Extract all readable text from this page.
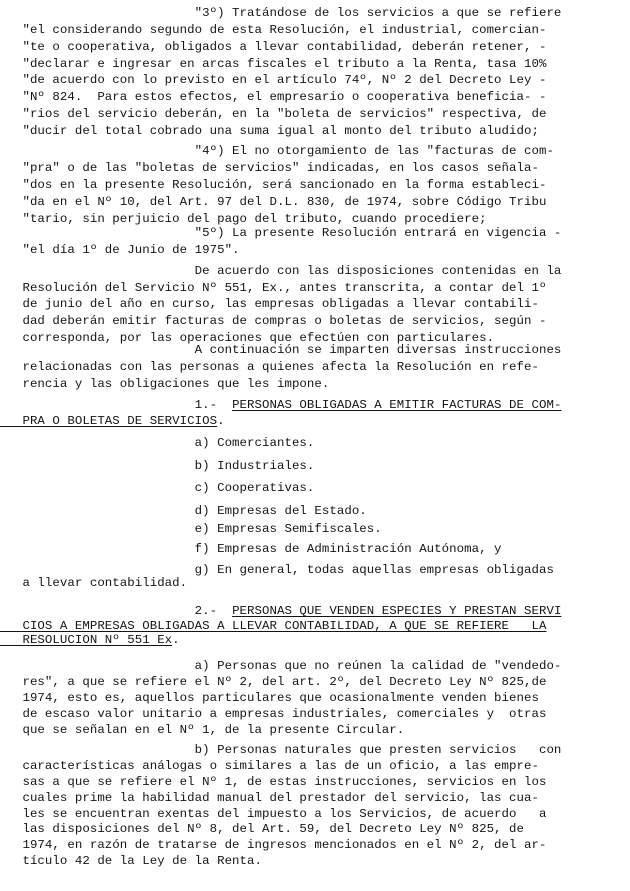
"3º) Tratándose de los servicios a que se refiere
"el considerando segundo de esta Resolución, el industrial, comercian-
"te o cooperativa, obligados a llevar contabilidad, deberán retener, -
"declarar e ingresar en arcas fiscales el tributo a la Renta, tasa 10%
"de acuerdo con lo previsto en el artículo 74º, Nº 2 del Decreto Ley -
"Nº 824.  Para estos efectos, el empresario o cooperativa beneficia- -
"rios del servicio deberán, en la "boleta de servicios" respectiva, de
"ducir del total cobrado una suma igual al monto del tributo aludido;
"4º) El no otorgamiento de las "facturas de com-
"pra" o de las "boletas de servicios" indicadas, en los casos señala-
"dos en la presente Resolución, será sancionado en la forma estableci-
"da en el Nº 10, del Art. 97 del D.L. 830, de 1974, sobre Código Tribu
"tario, sin perjuicio del pago del tributo, cuando procediere;
"5º) La presente Resolución entrará en vigencia -
"el día 1º de Junio de 1975".
De acuerdo con las disposiciones contenidas en la
Resolución del Servicio Nº 551, Ex., antes transcrita, a contar del 1º
de junio del año en curso, las empresas obligadas a llevar contabili-
dad deberán emitir facturas de compras o boletas de servicios, según -
corresponda, por las operaciones que efectúen con particulares.
A continuación se imparten diversas instrucciones
relacionadas con las personas a quienes afecta la Resolución en refe-
rencia y las obligaciones que les impone.
1.-  PERSONAS OBLIGADAS A EMITIR FACTURAS DE COM-
PRA O BOLETAS DE SERVICIOS.
a) Comerciantes.
b) Industriales.
c) Cooperativas.
d) Empresas del Estado.
e) Empresas Semifiscales.
f) Empresas de Administración Autónoma, y
g) En general, todas aquellas empresas obligadas
a llevar contabilidad.
2.-  PERSONAS QUE VENDEN ESPECIES Y PRESTAN SERVI
CIOS A EMPRESAS OBLIGADAS A LLEVAR CONTABILIDAD, A QUE SE REFIERE   LA
RESOLUCION Nº 551 Ex.
a) Personas que no reúnen la calidad de "vendedo-
res", a que se refiere el Nº 2, del art. 2º, del Decreto Ley Nº 825,de
1974, esto es, aquellos particulares que ocasionalmente venden bienes
de escaso valor unitario a empresas industriales, comerciales y  otras
que se señalan en el Nº 1, de la presente Circular.
b) Personas naturales que presten servicios   con
características análogas o similares a las de un oficio, a las empre-
sas a que se refiere el Nº 1, de estas instrucciones, servicios en los
cuales prime la habilidad manual del prestador del servicio, las cua-
les se encuentran exentas del impuesto a los Servicios, de acuerdo   a
las disposiciones del Nº 8, del Art. 59, del Decreto Ley Nº 825, de
1974, en razón de tratarse de ingresos mencionados en el Nº 2, del ar-
tículo 42 de la Ley de la Renta.
